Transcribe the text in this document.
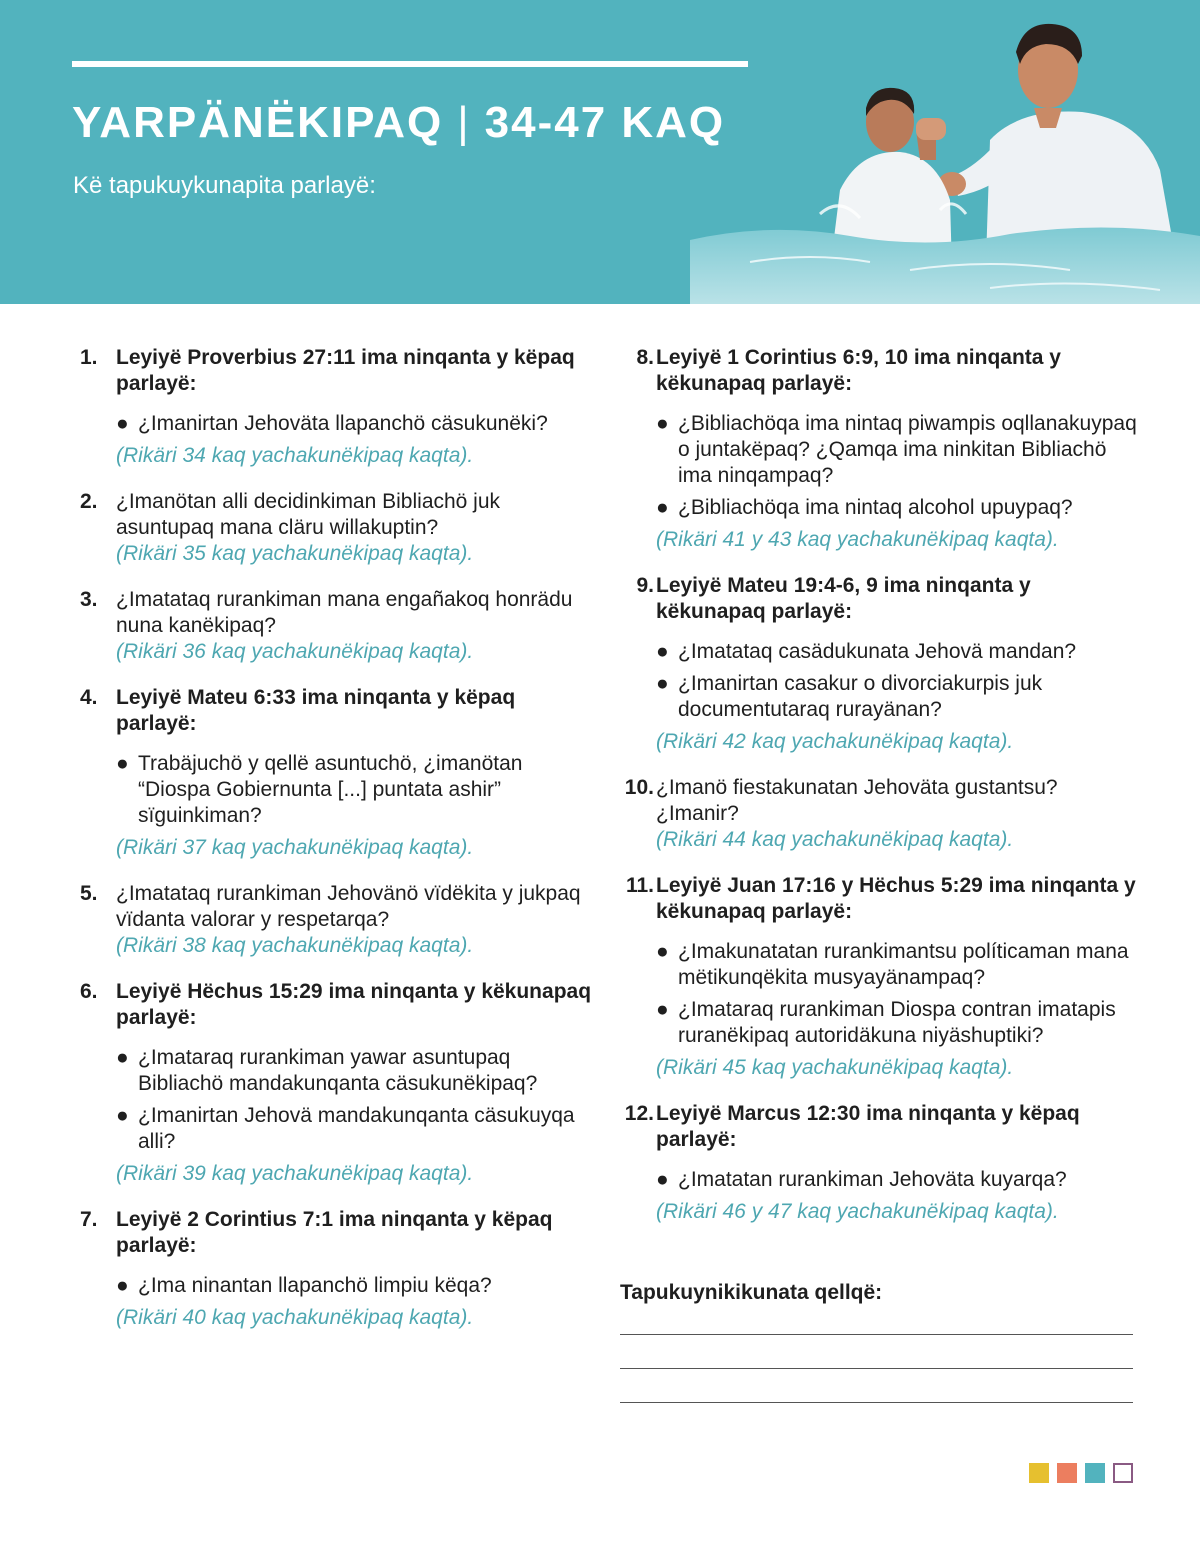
YARPÄNËKIPAQ | 34-47 KAQ

Kë tapukuykunapita parlayë:

1. Leyiyë Proverbius 27:11 ima ninqanta y këpaq parlayë:
● ¿Imanirtan Jehoväta llapanchö cäsukunëki?
(Rikäri 34 kaq yachakunëkipaq kaqta).
2. ¿Imanötan alli decidinkiman Bibliachö juk asuntupaq mana cläru willakuptin?
(Rikäri 35 kaq yachakunëkipaq kaqta).
3. ¿Imatataq rurankiman mana engañakoq honrädu nuna kanëkipaq?
(Rikäri 36 kaq yachakunëkipaq kaqta).
4. Leyiyë Mateu 6:33 ima ninqanta y këpaq parlayë:
● Trabäjuchö y qellë asuntuchö, ¿imanötan “Diospa Gobiernunta [...] puntata ashir” sïguinkiman?
(Rikäri 37 kaq yachakunëkipaq kaqta).
5. ¿Imatataq rurankiman Jehovänö vïdëkita y jukpaq vïdanta valorar y respetarqa?
(Rikäri 38 kaq yachakunëkipaq kaqta).
6. Leyiyë Hëchus 15:29 ima ninqanta y këkunapaq parlayë:
● ¿Imataraq rurankiman yawar asuntupaq Bibliachö mandakunqanta cäsukunëkipaq?
● ¿Imanirtan Jehovä mandakunqanta cäsukuyqa alli?
(Rikäri 39 kaq yachakunëkipaq kaqta).
7. Leyiyë 2 Corintius 7:1 ima ninqanta y këpaq parlayë:
● ¿Ima ninantan llapanchö limpiu këqa?
(Rikäri 40 kaq yachakunëkipaq kaqta).
8. Leyiyë 1 Corintius 6:9, 10 ima ninqanta y këkunapaq parlayë:
● ¿Bibliachöqa ima nintaq piwampis oqllanakuypaq o juntakëpaq? ¿Qamqa ima ninkitan Bibliachö ima ninqampaq?
● ¿Bibliachöqa ima nintaq alcohol upuypaq?
(Rikäri 41 y 43 kaq yachakunëkipaq kaqta).
9. Leyiyë Mateu 19:4-6, 9 ima ninqanta y këkunapaq parlayë:
● ¿Imatataq casädukunata Jehovä mandan?
● ¿Imanirtan casakur o divorciakurpis juk documentutaraq rurayänan?
(Rikäri 42 kaq yachakunëkipaq kaqta).
10. ¿Imanö fiestakunatan Jehoväta gustantsu? ¿Imanir?
(Rikäri 44 kaq yachakunëkipaq kaqta).
11. Leyiyë Juan 17:16 y Hëchus 5:29 ima ninqanta y këkunapaq parlayë:
● ¿Imakunatatan rurankimantsu políticaman mana mëtikunqëkita musyayänampaq?
● ¿Imataraq rurankiman Diospa contran imatapis ruranëkipaq autoridäkuna niyäshuptiki?
(Rikäri 45 kaq yachakunëkipaq kaqta).
12. Leyiyë Marcus 12:30 ima ninqanta y këpaq parlayë:
● ¿Imatatan rurankiman Jehoväta kuyarqa?
(Rikäri 46 y 47 kaq yachakunëkipaq kaqta).

Tapukuynikikunata qellqë:
